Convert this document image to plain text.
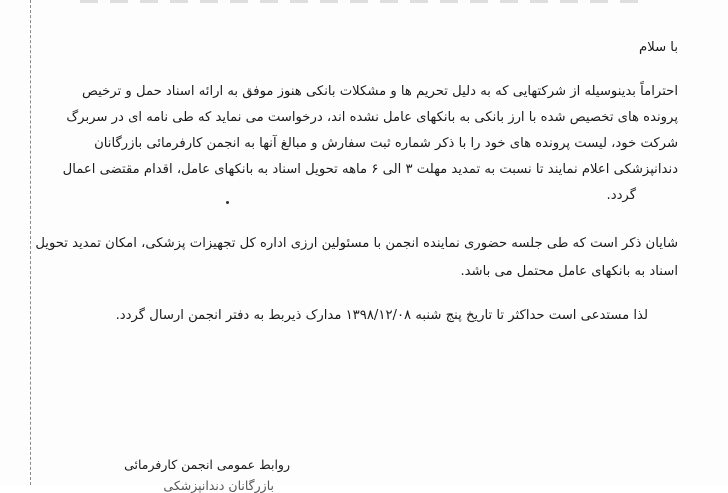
با سلام
احتراماً بدینوسیله از شرکتهایی که به دلیل تحریم ها و مشکلات بانکی هنوز موفق به ارائه اسناد حمل و ترخیص
پرونده های تخصیص شده با ارز بانکی به بانکهای عامل نشده اند، درخواست می نماید که طی نامه ای در سربرگ
شرکت خود، لیست پرونده های خود را با ذکر شماره ثبت سفارش و مبالغ آنها به انجمن کارفرمائی بازرگانان
دندانپزشکی اعلام نمایند تا نسبت به تمدید مهلت ۳ الی ۶ ماهه تحویل اسناد به بانکهای عامل، اقدام مقتضی اعمال
گردد.
شایان ذکر است که طی جلسه حضوری نماینده انجمن با مسئولین ارزی اداره کل تجهیزات پزشکی، امکان تمدید تحویل
اسناد به بانکهای عامل محتمل می باشد.
لذا مستدعی است حداکثر تا تاریخ پنج شنبه ۱۳۹۸/۱۲/۰۸ مدارک ذیربط به دفتر انجمن ارسال گردد.
روابط عمومی انجمن کارفرمائی
بازرگانان دندانپزشکی
